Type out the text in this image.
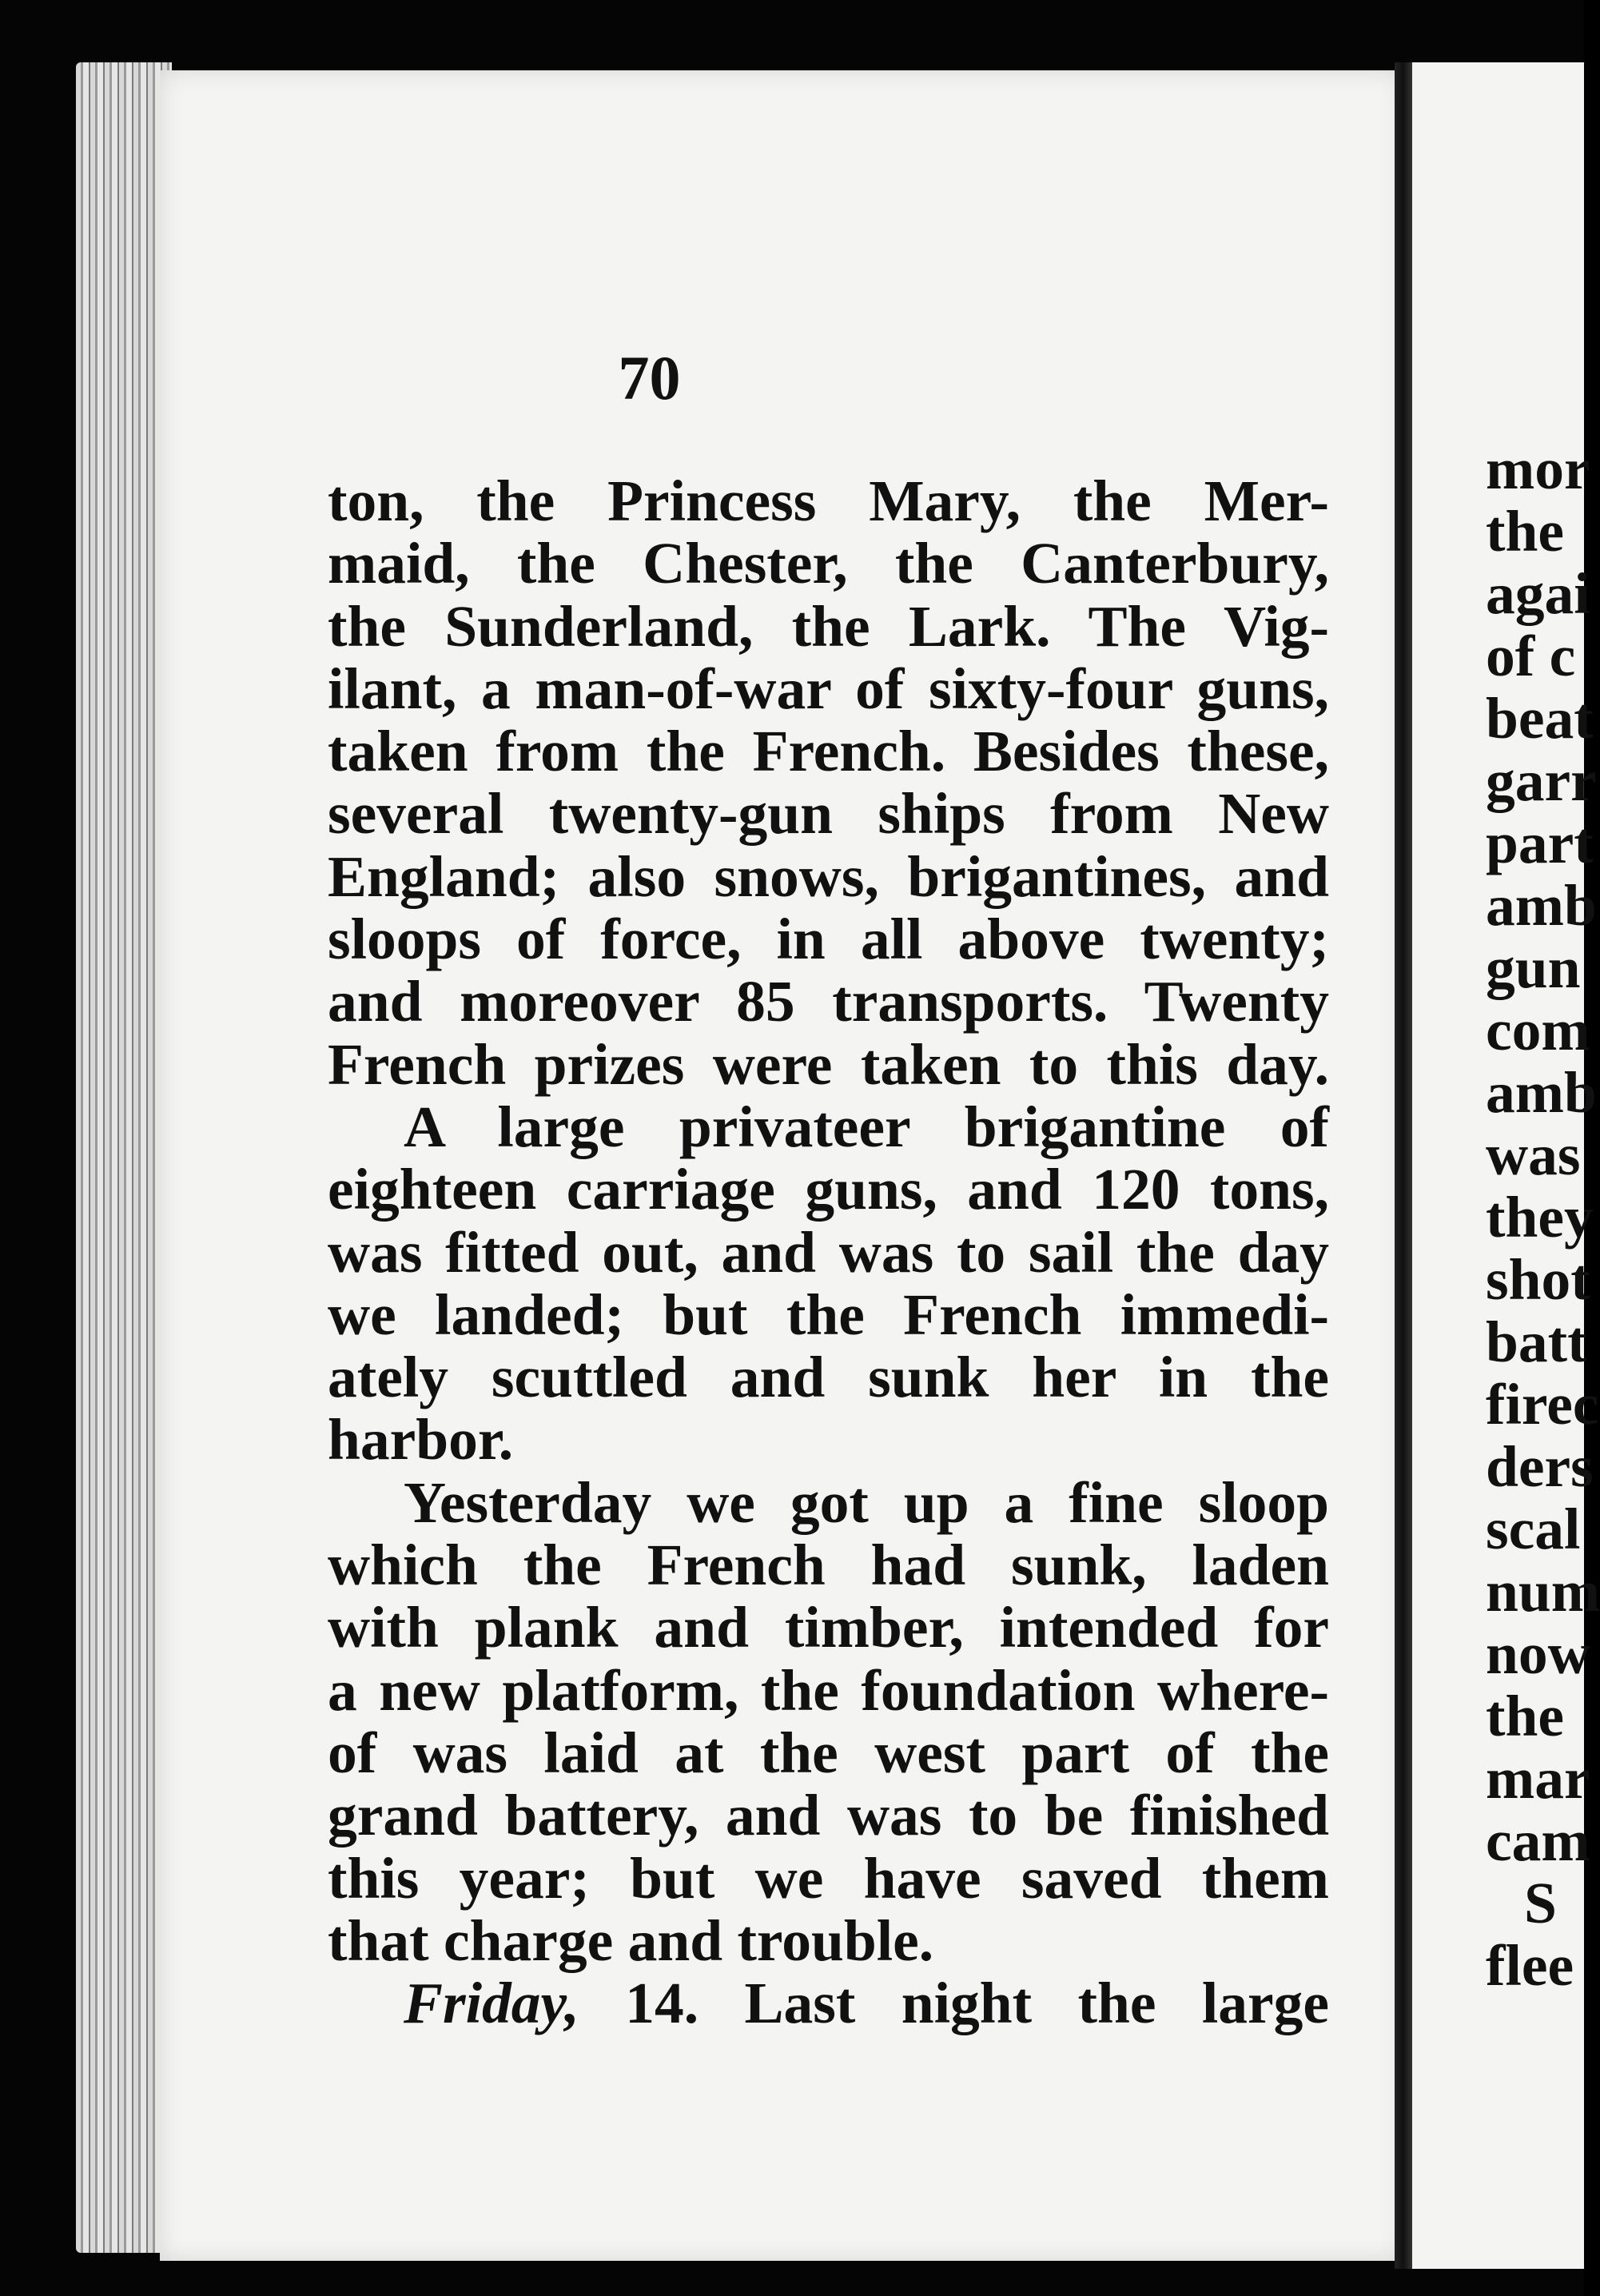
70
ton, the Princess Mary, the Mer-
maid, the Chester, the Canterbury,
the Sunderland, the Lark. The Vig-
ilant, a man-of-war of sixty-four guns,
taken from the French. Besides these,
several twenty-gun ships from New
England; also snows, brigantines, and
sloops of force, in all above twenty;
and moreover 85 transports. Twenty
French prizes were taken to this day.
A large privateer brigantine of
eighteen carriage guns, and 120 tons,
was fitted out, and was to sail the day
we landed; but the French immedi-
ately scuttled and sunk her in the
harbor.
Yesterday we got up a fine sloop
which the French had sunk, laden
with plank and timber, intended for
a new platform, the foundation where-
of was laid at the west part of the
grand battery, and was to be finished
this year; but we have saved them
that charge and trouble.
Friday, 14. Last night the large
mor
the
agai
of c
beat
garr
part
amb
gun
com
amb
was
they
shot
batt
firec
ders
scal
num
now
the
mar
cam
S
flee
